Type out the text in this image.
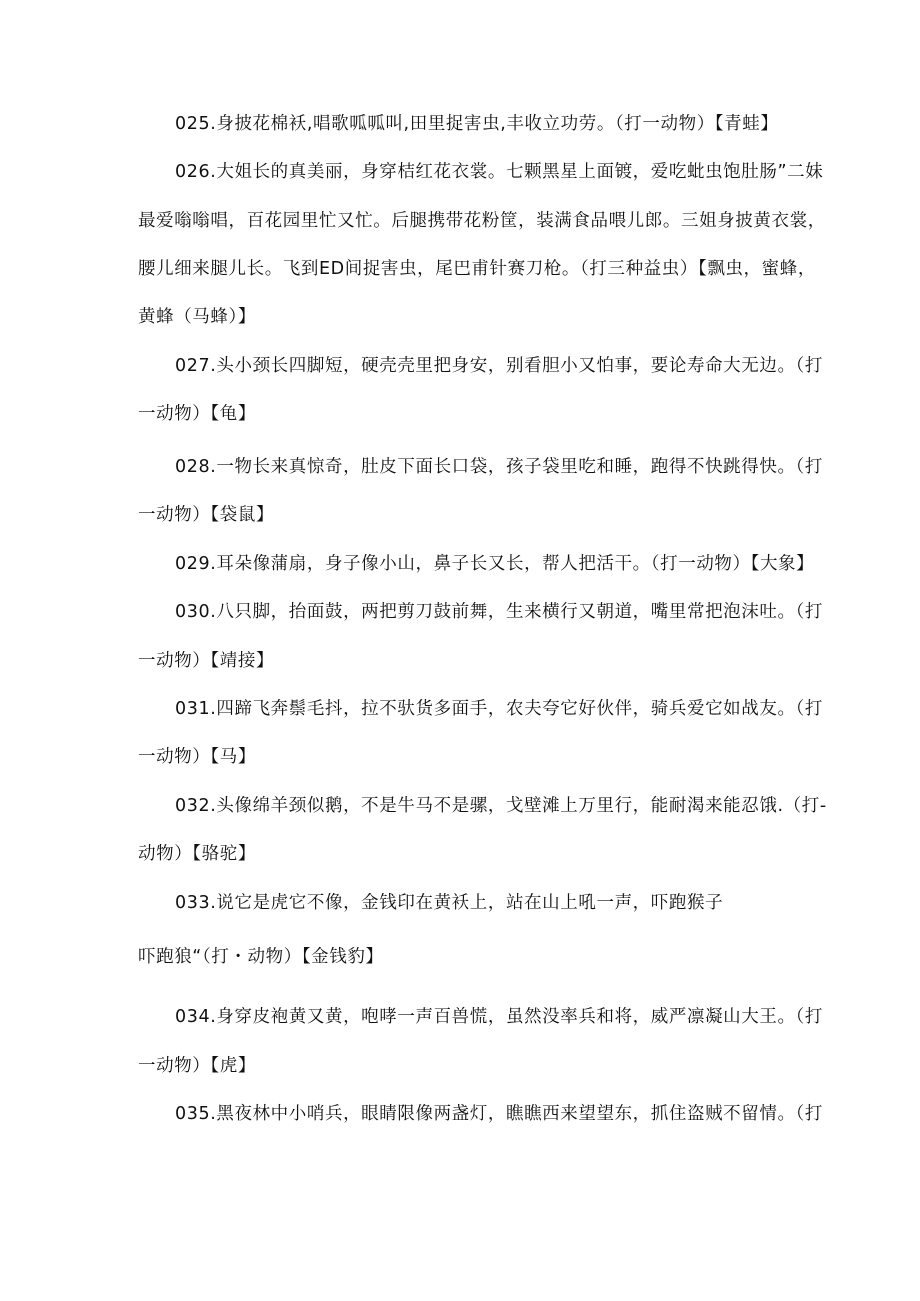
025.身披花棉袄,唱歌呱呱叫,田里捉害虫,丰收立功劳。（打一动物）【青蛙】
026.大姐长的真美丽，身穿桔红花衣裳。七颗黑星上面镀，爱吃蚍虫饱肚肠”二妹
最爱嗡嗡唱，百花园里忙又忙。后腿携带花粉筐，装满食品喂儿郎。三姐身披黄衣裳，
腰儿细来腿儿长。飞到ED间捉害虫，尾巴甫针赛刀枪。（打三种益虫）【飘虫，蜜蜂，
黄蜂（马蜂）】
027.头小颈长四脚短，硬壳壳里把身安，别看胆小又怕事，要论寿命大无边。（打
一动物）【龟】
028.一物长来真惊奇，肚皮下面长口袋，孩子袋里吃和睡，跑得不快跳得快。（打
一动物）【袋鼠】
029.耳朵像蒲扇，身子像小山，鼻子长又长，帮人把活干。（打一动物）【大象】
030.八只脚，抬面鼓，两把剪刀鼓前舞，生来横行又朝道，嘴里常把泡沫吐。（打
一动物）【靖接】
031.四蹄飞奔鬃毛抖，拉不驮货多面手，农夫夸它好伙伴，骑兵爱它如战友。（打
一动物）【马】
032.头像绵羊颈似鹅，不是牛马不是骡，戈壁滩上万里行，能耐渴来能忍饿.（打-
动物）【骆驼】
033.说它是虎它不像，金钱印在黄袄上，站在山上吼一声，吓跑猴子
吓跑狼“（打・动物）【金钱豹】
034.身穿皮袍黄又黄，咆哮一声百兽慌，虽然没率兵和将，威严凛凝山大王。（打
一动物）【虎】
035.黑夜林中小哨兵，眼睛限像两盏灯，瞧瞧西来望望东，抓住盗贼不留情。（打
